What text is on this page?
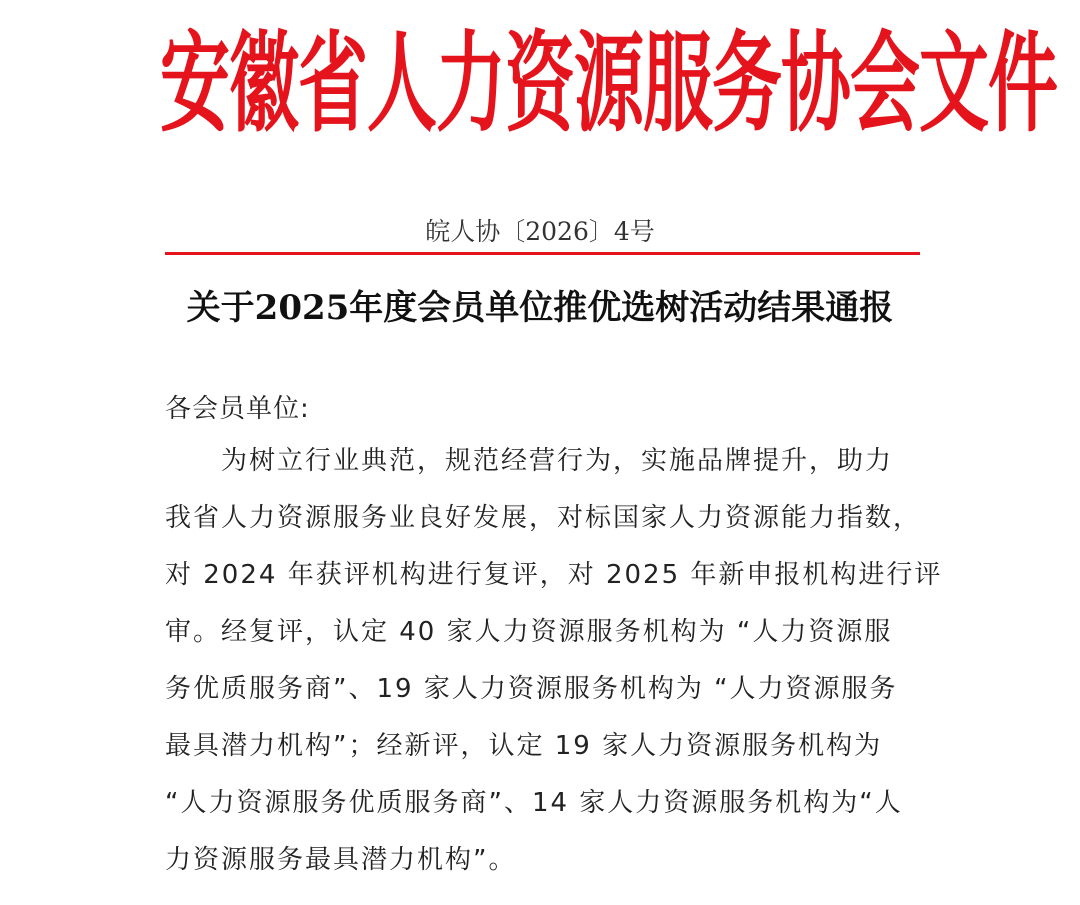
安徽省人力资源服务协会文件
皖人协〔2026〕4号
关于2025年度会员单位推优选树活动结果通报
各会员单位:
　　为树立行业典范，规范经营行为，实施品牌提升，助力
我省人力资源服务业良好发展，对标国家人力资源能力指数，
对 2024 年获评机构进行复评，对 2025 年新申报机构进行评
审。经复评，认定 40 家人力资源服务机构为 “人力资源服
务优质服务商”、19 家人力资源服务机构为 “人力资源服务
最具潜力机构”；经新评，认定 19 家人力资源服务机构为
“人力资源服务优质服务商”、14 家人力资源服务机构为“人
力资源服务最具潜力机构”。
